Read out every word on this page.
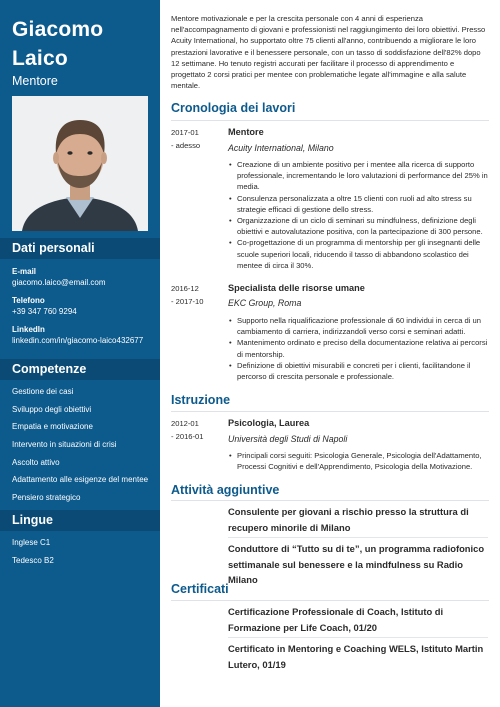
Giacomo
Laico
Mentore
Dati personali
E-mail
giacomo.laico@email.com
Telefono
+39 347 760 9294
LinkedIn
linkedin.com/in/giacomo-laico432677
Competenze
Gestione dei casi
Sviluppo degli obiettivi
Empatia e motivazione
Intervento in situazioni di crisi
Ascolto attivo
Adattamento alle esigenze del mentee
Pensiero strategico
Lingue
Inglese C1
Tedesco B2
Mentore motivazionale e per la crescita personale con 4 anni di esperienza nell'accompagnamento di giovani e professionisti nel raggiungimento dei loro obiettivi. Presso Acuity International, ho supportato oltre 75 clienti all'anno, contribuendo a migliorare le loro prestazioni lavorative e il benessere personale, con un tasso di soddisfazione dell'82% dopo 12 settimane. Ho tenuto registri accurati per facilitare il processo di apprendimento e progettato 2 corsi pratici per mentee con problematiche legate all'immagine e alla salute mentale.
Cronologia dei lavori
2017-01
- adesso
Mentore
Acuity International, Milano
• Creazione di un ambiente positivo per i mentee alla ricerca di supporto professionale, incrementando le loro valutazioni di performance del 25% in media.
• Consulenza personalizzata a oltre 15 clienti con ruoli ad alto stress su strategie efficaci di gestione dello stress.
• Organizzazione di un ciclo di seminari su mindfulness, definizione degli obiettivi e autovalutazione positiva, con la partecipazione di 300 persone.
• Co-progettazione di un programma di mentorship per gli insegnanti delle scuole superiori locali, riducendo il tasso di abbandono scolastico dei mentee di circa il 30%.
2016-12
- 2017-10
Specialista delle risorse umane
EKC Group, Roma
• Supporto nella riqualificazione professionale di 60 individui in cerca di un cambiamento di carriera, indirizzandoli verso corsi e seminari adatti.
• Mantenimento ordinato e preciso della documentazione relativa ai percorsi di mentorship.
• Definizione di obiettivi misurabili e concreti per i clienti, facilitandone il percorso di crescita personale e professionale.
Istruzione
2012-01
- 2016-01
Psicologia, Laurea
Università degli Studi di Napoli
• Principali corsi seguiti: Psicologia Generale, Psicologia dell'Adattamento, Processi Cognitivi e dell'Apprendimento, Psicologia della Motivazione.
Attività aggiuntive
Consulente per giovani a rischio presso la struttura di recupero minorile di Milano
Conduttore di “Tutto su di te”, un programma radiofonico settimanale sul benessere e la mindfulness su Radio Milano
Certificati
Certificazione Professionale di Coach, Istituto di Formazione per Life Coach, 01/20
Certificato in Mentoring e Coaching WELS, Istituto Martin Lutero, 01/19
